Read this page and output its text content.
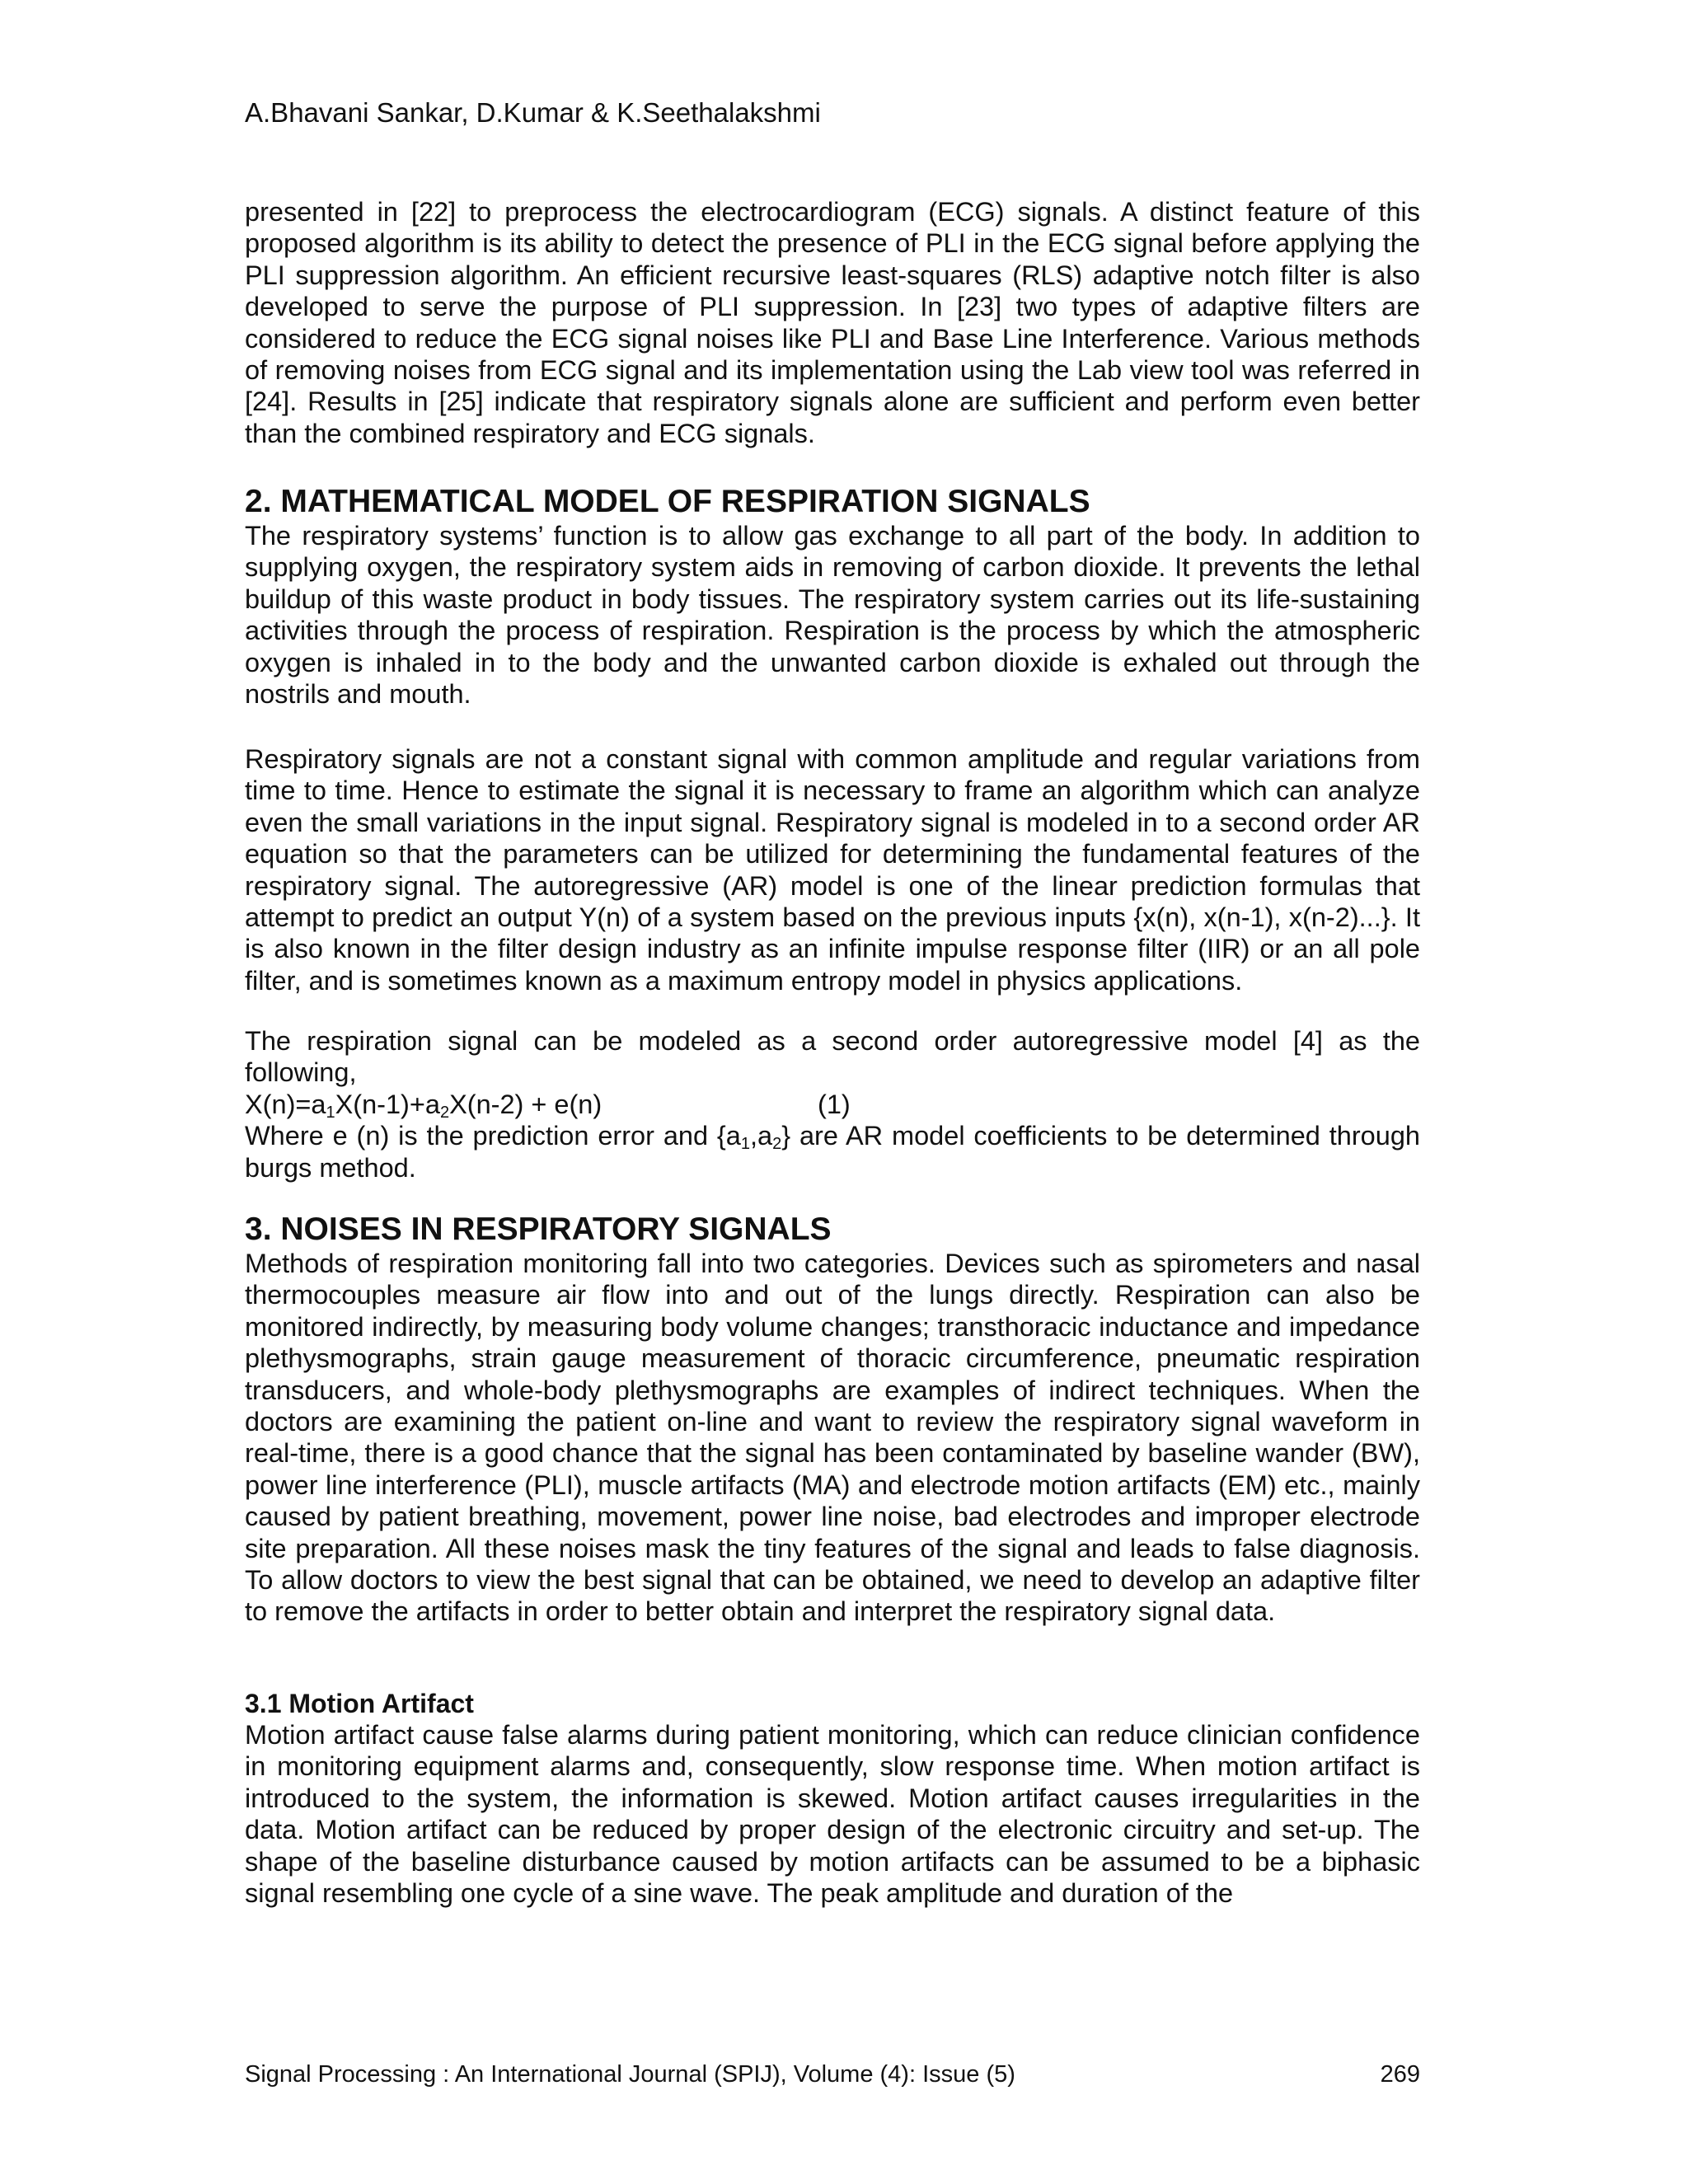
A.Bhavani Sankar, D.Kumar & K.Seethalakshmi

presented in [22] to preprocess the electrocardiogram (ECG) signals. A distinct feature of this proposed algorithm is its ability to detect the presence of PLI in the ECG signal before applying the PLI suppression algorithm. An efficient recursive least-squares (RLS) adaptive notch filter is also developed to serve the purpose of PLI suppression. In [23] two types of adaptive filters are considered to reduce the ECG signal noises like PLI and Base Line Interference. Various methods of removing noises from ECG signal and its implementation using the Lab view tool was referred in [24]. Results in [25] indicate that respiratory signals alone are sufficient and perform even better than the combined respiratory and ECG signals.

2. MATHEMATICAL MODEL OF RESPIRATION SIGNALS

The respiratory systems’ function is to allow gas exchange to all part of the body. In addition to supplying oxygen, the respiratory system aids in removing of carbon dioxide. It prevents the lethal buildup of this waste product in body tissues. The respiratory system carries out its life-sustaining activities through the process of respiration. Respiration is the process by which the atmospheric oxygen is inhaled in to the body and the unwanted carbon dioxide is exhaled out through the nostrils and mouth.

Respiratory signals are not a constant signal with common amplitude and regular variations from time to time. Hence to estimate the signal it is necessary to frame an algorithm which can analyze even the small variations in the input signal. Respiratory signal is modeled in to a second order AR equation so that the parameters can be utilized for determining the fundamental features of the respiratory signal. The autoregressive (AR) model is one of the linear prediction formulas that attempt to predict an output Y(n) of a system based on the previous inputs {x(n), x(n-1), x(n-2)...}. It is also known in the filter design industry as an infinite impulse response filter (IIR) or an all pole filter, and is sometimes known as a maximum entropy model in physics applications.

The respiration signal can be modeled as a second order autoregressive model [4] as the following,

$X(n)=a_1X(n-1)+a_2X(n-2) + e(n)$	(1)

Where e (n) is the prediction error and $\{a_1,a_2\}$ are AR model coefficients to be determined through burgs method.

3. NOISES IN RESPIRATORY SIGNALS

Methods of respiration monitoring fall into two categories. Devices such as spirometers and nasal thermocouples measure air flow into and out of the lungs directly. Respiration can also be monitored indirectly, by measuring body volume changes; transthoracic inductance and impedance plethysmographs, strain gauge measurement of thoracic circumference, pneumatic respiration transducers, and whole-body plethysmographs are examples of indirect techniques. When the doctors are examining the patient on-line and want to review the respiratory signal waveform in real-time, there is a good chance that the signal has been contaminated by baseline wander (BW), power line interference (PLI), muscle artifacts (MA) and electrode motion artifacts (EM) etc., mainly caused by patient breathing, movement, power line noise, bad electrodes and improper electrode site preparation. All these noises mask the tiny features of the signal and leads to false diagnosis. To allow doctors to view the best signal that can be obtained, we need to develop an adaptive filter to remove the artifacts in order to better obtain and interpret the respiratory signal data.

3.1 Motion Artifact

Motion artifact cause false alarms during patient monitoring, which can reduce clinician confidence in monitoring equipment alarms and, consequently, slow response time. When motion artifact is introduced to the system, the information is skewed. Motion artifact causes irregularities in the data. Motion artifact can be reduced by proper design of the electronic circuitry and set-up. The shape of the baseline disturbance caused by motion artifacts can be assumed to be a biphasic signal resembling one cycle of a sine wave. The peak amplitude and duration of the

Signal Processing : An International Journal (SPIJ), Volume (4): Issue (5)	269
